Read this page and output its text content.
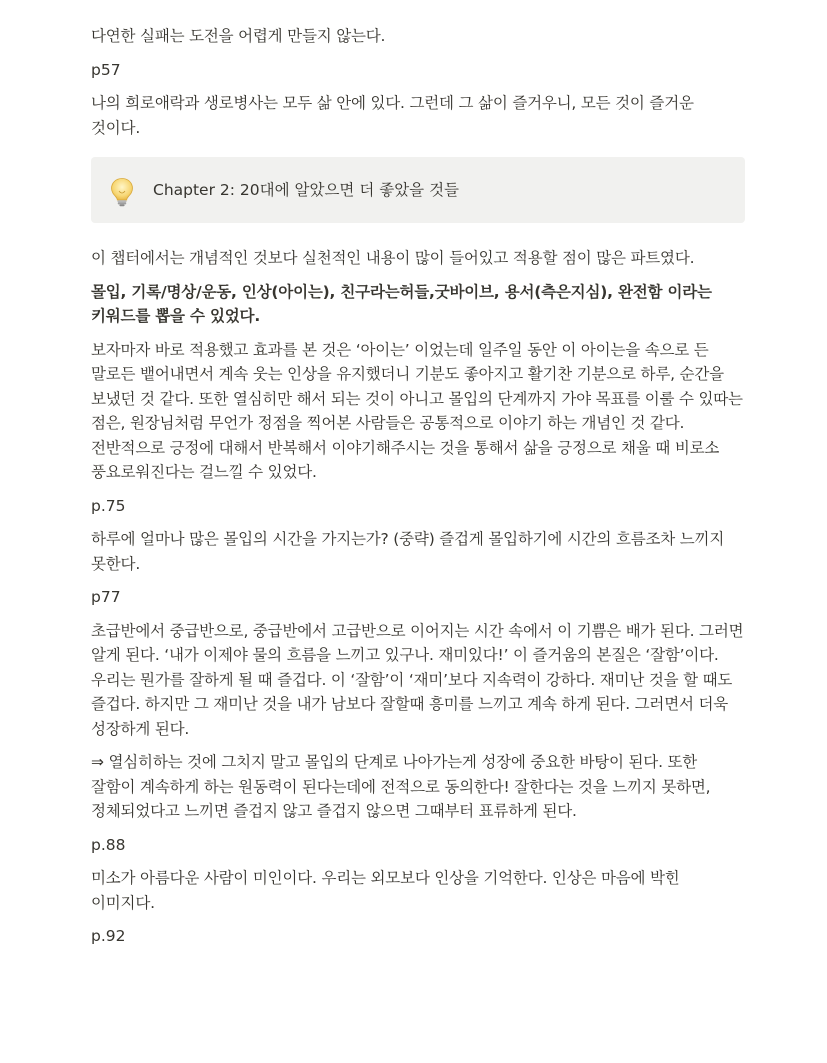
다연한 실패는 도전을 어렵게 만들지 않는다.

p57

나의 희로애락과 생로병사는 모두 삶 안에 있다. 그런데 그 삶이 즐거우니, 모든 것이 즐거운 것이다.

Chapter 2: 20대에 알았으면 더 좋았을 것들

이 챕터에서는 개념적인 것보다 실천적인 내용이 많이 들어있고 적용할 점이 많은 파트였다.

몰입, 기록/명상/운동, 인상(아이는), 친구라는허들,굿바이브, 용서(측은지심), 완전함 이라는 키워드를 뽑을 수 있었다.

보자마자 바로 적용했고 효과를 본 것은 ‘아이는’ 이었는데 일주일 동안 이 아이는을 속으로 든 말로든 뱉어내면서 계속 웃는 인상을 유지했더니 기분도 좋아지고 활기찬 기분으로 하루, 순간을 보냈던 것 같다. 또한 열심히만 해서 되는 것이 아니고 몰입의 단계까지 가야 목표를 이룰 수 있따는 점은, 원장님처럼 무언가 정점을 찍어본 사람들은 공통적으로 이야기 하는 개념인 것 같다. 전반적으로 긍정에 대해서 반복해서 이야기해주시는 것을 통해서 삶을 긍정으로 채울 때 비로소 풍요로워진다는 걸느낄 수 있었다.

p.75

하루에 얼마나 많은 몰입의 시간을 가지는가? (중략) 즐겁게 몰입하기에 시간의 흐름조차 느끼지 못한다.

p77

초급반에서 중급반으로, 중급반에서 고급반으로 이어지는 시간 속에서 이 기쁨은 배가 된다. 그러면 알게 된다. ‘내가 이제야 물의 흐름을 느끼고 있구나. 재미있다!’ 이 즐거움의 본질은 ‘잘함’이다. 우리는 뭔가를 잘하게 될 때 즐겁다. 이 ‘잘함’이 ‘재미’보다 지속력이 강하다. 재미난 것을 할 때도 즐겁다. 하지만 그 재미난 것을 내가 남보다 잘할때 흥미를 느끼고 계속 하게 된다. 그러면서 더욱 성장하게 된다.

⇒ 열심히하는 것에 그치지 말고 몰입의 단계로 나아가는게 성장에 중요한 바탕이 된다. 또한 잘함이 계속하게 하는 원동력이 된다는데에 전적으로 동의한다! 잘한다는 것을 느끼지 못하면, 정체되었다고 느끼면 즐겁지 않고 즐겁지 않으면 그때부터 표류하게 된다.

p.88

미소가 아름다운 사람이 미인이다. 우리는 외모보다 인상을 기억한다. 인상은 마음에 박힌 이미지다.

p.92
